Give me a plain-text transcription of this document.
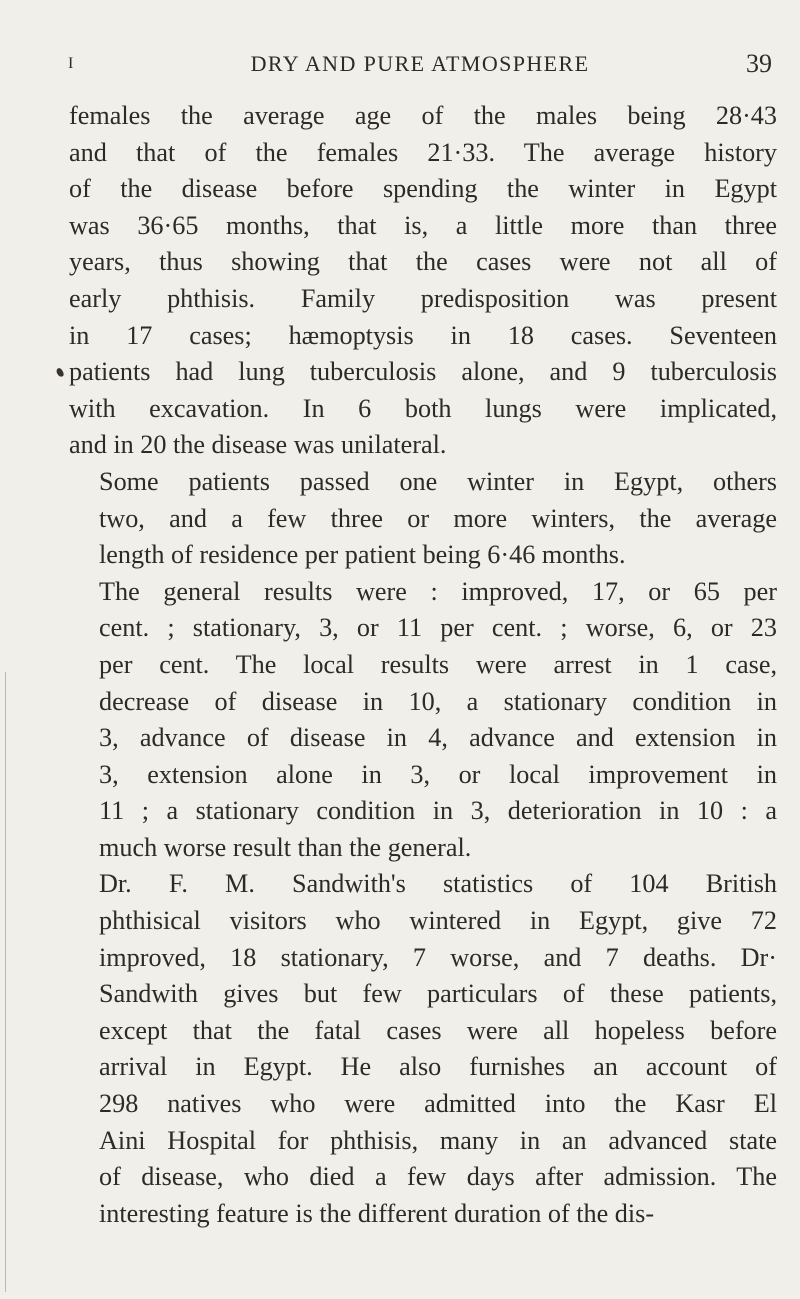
I	DRY AND PURE ATMOSPHERE	39

females the average age of the males being 28·43
and that of the females 21·33. The average history
of the disease before spending the winter in Egypt
was 36·65 months, that is, a little more than three
years, thus showing that the cases were not all of
early phthisis. Family predisposition was present
in 17 cases; hæmoptysis in 18 cases. Seventeen
patients had lung tuberculosis alone, and 9 tuberculosis
with excavation. In 6 both lungs were implicated,
and in 20 the disease was unilateral.

Some patients passed one winter in Egypt, others
two, and a few three or more winters, the average
length of residence per patient being 6·46 months.

The general results were : improved, 17, or 65 per
cent. ; stationary, 3, or 11 per cent. ; worse, 6, or 23
per cent. The local results were arrest in 1 case,
decrease of disease in 10, a stationary condition in
3, advance of disease in 4, advance and extension in
3, extension alone in 3, or local improvement in
11 ; a stationary condition in 3, deterioration in 10 : a
much worse result than the general.

Dr. F. M. Sandwith's statistics of 104 British
phthisical visitors who wintered in Egypt, give 72
improved, 18 stationary, 7 worse, and 7 deaths. Dr·
Sandwith gives but few particulars of these patients,
except that the fatal cases were all hopeless before
arrival in Egypt. He also furnishes an account of
298 natives who were admitted into the Kasr El
Aini Hospital for phthisis, many in an advanced state
of disease, who died a few days after admission. The
interesting feature is the different duration of the dis-
